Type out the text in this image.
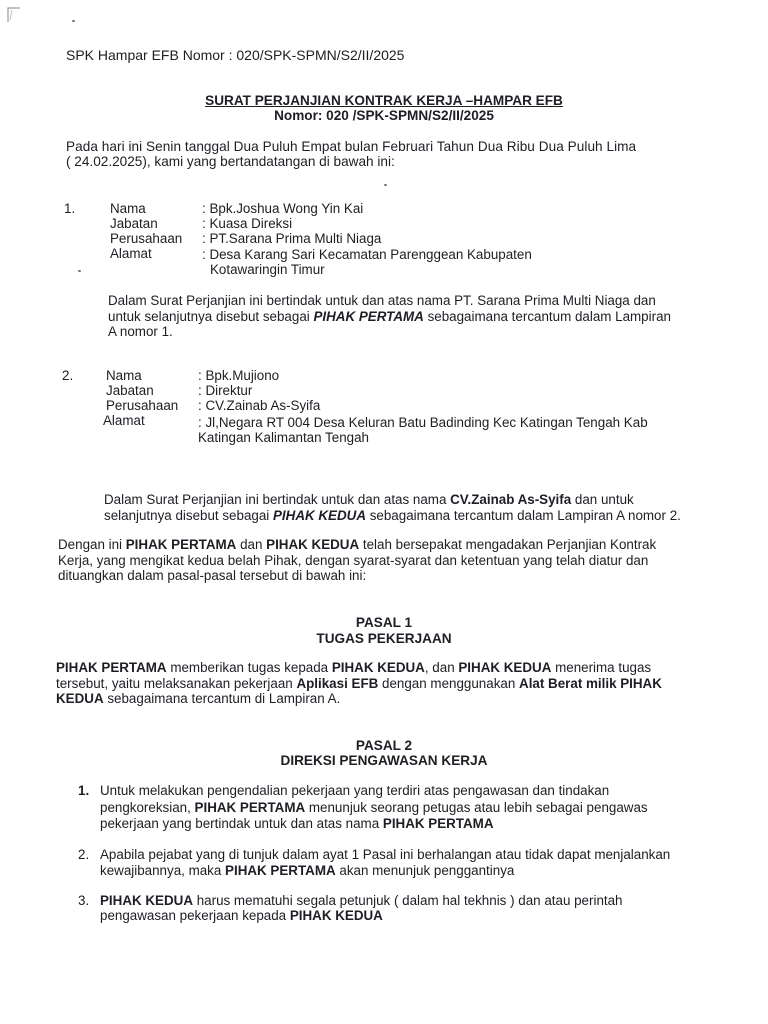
SPK Hampar EFB Nomor : 020/SPK-SPMN/S2/II/2025
SURAT PERJANJIAN KONTRAK KERJA –HAMPAR EFB
Nomor: 020 /SPK-SPMN/S2/II/2025
Pada hari ini Senin tanggal Dua Puluh Empat bulan Februari Tahun Dua Ribu Dua Puluh Lima
( 24.02.2025), kami yang bertandatangan di bawah ini:
1.	Nama
Jabatan
Perusahaan
Alamat
: Bpk.Joshua Wong Yin Kai
: Kuasa Direksi
: PT.Sarana Prima Multi Niaga
: Desa Karang Sari Kecamatan Parenggean Kabupaten
Kotawaringin Timur
Dalam Surat Perjanjian ini bertindak untuk dan atas nama PT. Sarana Prima Multi Niaga dan
untuk selanjutnya disebut sebagai PIHAK PERTAMA sebagaimana tercantum dalam Lampiran
A nomor 1.
2. Nama
Jabatan
Perusahaan
Alamat
: Bpk.Mujiono
: Direktur
: CV.Zainab As-Syifa
: Jl,Negara RT 004 Desa Keluran Batu Badinding Kec Katingan Tengah Kab
Katingan Kalimantan Tengah
Dalam Surat Perjanjian ini bertindak untuk dan atas nama CV.Zainab As-Syifa dan untuk
selanjutnya disebut sebagai PIHAK KEDUA sebagaimana tercantum dalam Lampiran A nomor 2.
Dengan ini PIHAK PERTAMA dan PIHAK KEDUA telah bersepakat mengadakan Perjanjian Kontrak
Kerja, yang mengikat kedua belah Pihak, dengan syarat-syarat dan ketentuan yang telah diatur dan
dituangkan dalam pasal-pasal tersebut di bawah ini:
PASAL 1
TUGAS PEKERJAAN
PIHAK PERTAMA memberikan tugas kepada PIHAK KEDUA, dan PIHAK KEDUA menerima tugas
tersebut, yaitu melaksanakan pekerjaan Aplikasi EFB dengan menggunakan Alat Berat milik PIHAK
KEDUA sebagaimana tercantum di Lampiran A.
PASAL 2
DIREKSI PENGAWASAN KERJA
1. Untuk melakukan pengendalian pekerjaan yang terdiri atas pengawasan dan tindakan
pengkoreksian, PIHAK PERTAMA menunjuk seorang petugas atau lebih sebagai pengawas
pekerjaan yang bertindak untuk dan atas nama PIHAK PERTAMA
2. Apabila pejabat yang di tunjuk dalam ayat 1 Pasal ini berhalangan atau tidak dapat menjalankan
kewajibannya, maka PIHAK PERTAMA akan menunjuk penggantinya
3. PIHAK KEDUA harus mematuhi segala petunjuk ( dalam hal tekhnis ) dan atau perintah
pengawasan pekerjaan kepada PIHAK KEDUA
